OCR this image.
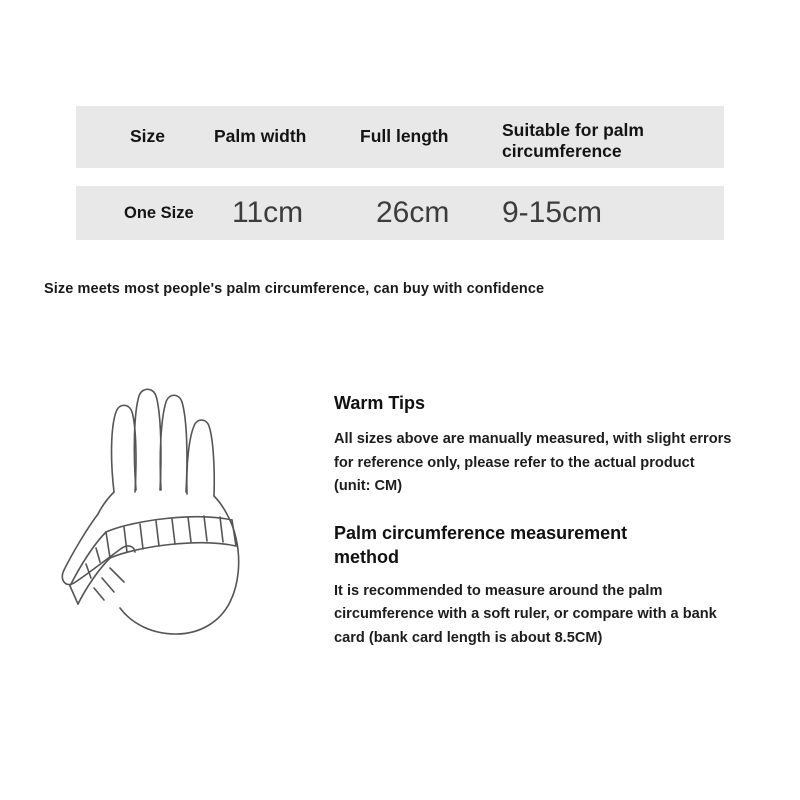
Size	Palm width	Full length	Suitable for palm circumference
One Size	11cm	26cm	9-15cm
Size meets most people's palm circumference, can buy with confidence
Warm Tips
All sizes above are manually measured, with slight errors for reference only, please refer to the actual product (unit: CM)
Palm circumference measurement method
It is recommended to measure around the palm circumference with a soft ruler, or compare with a bank card (bank card length is about 8.5CM)
